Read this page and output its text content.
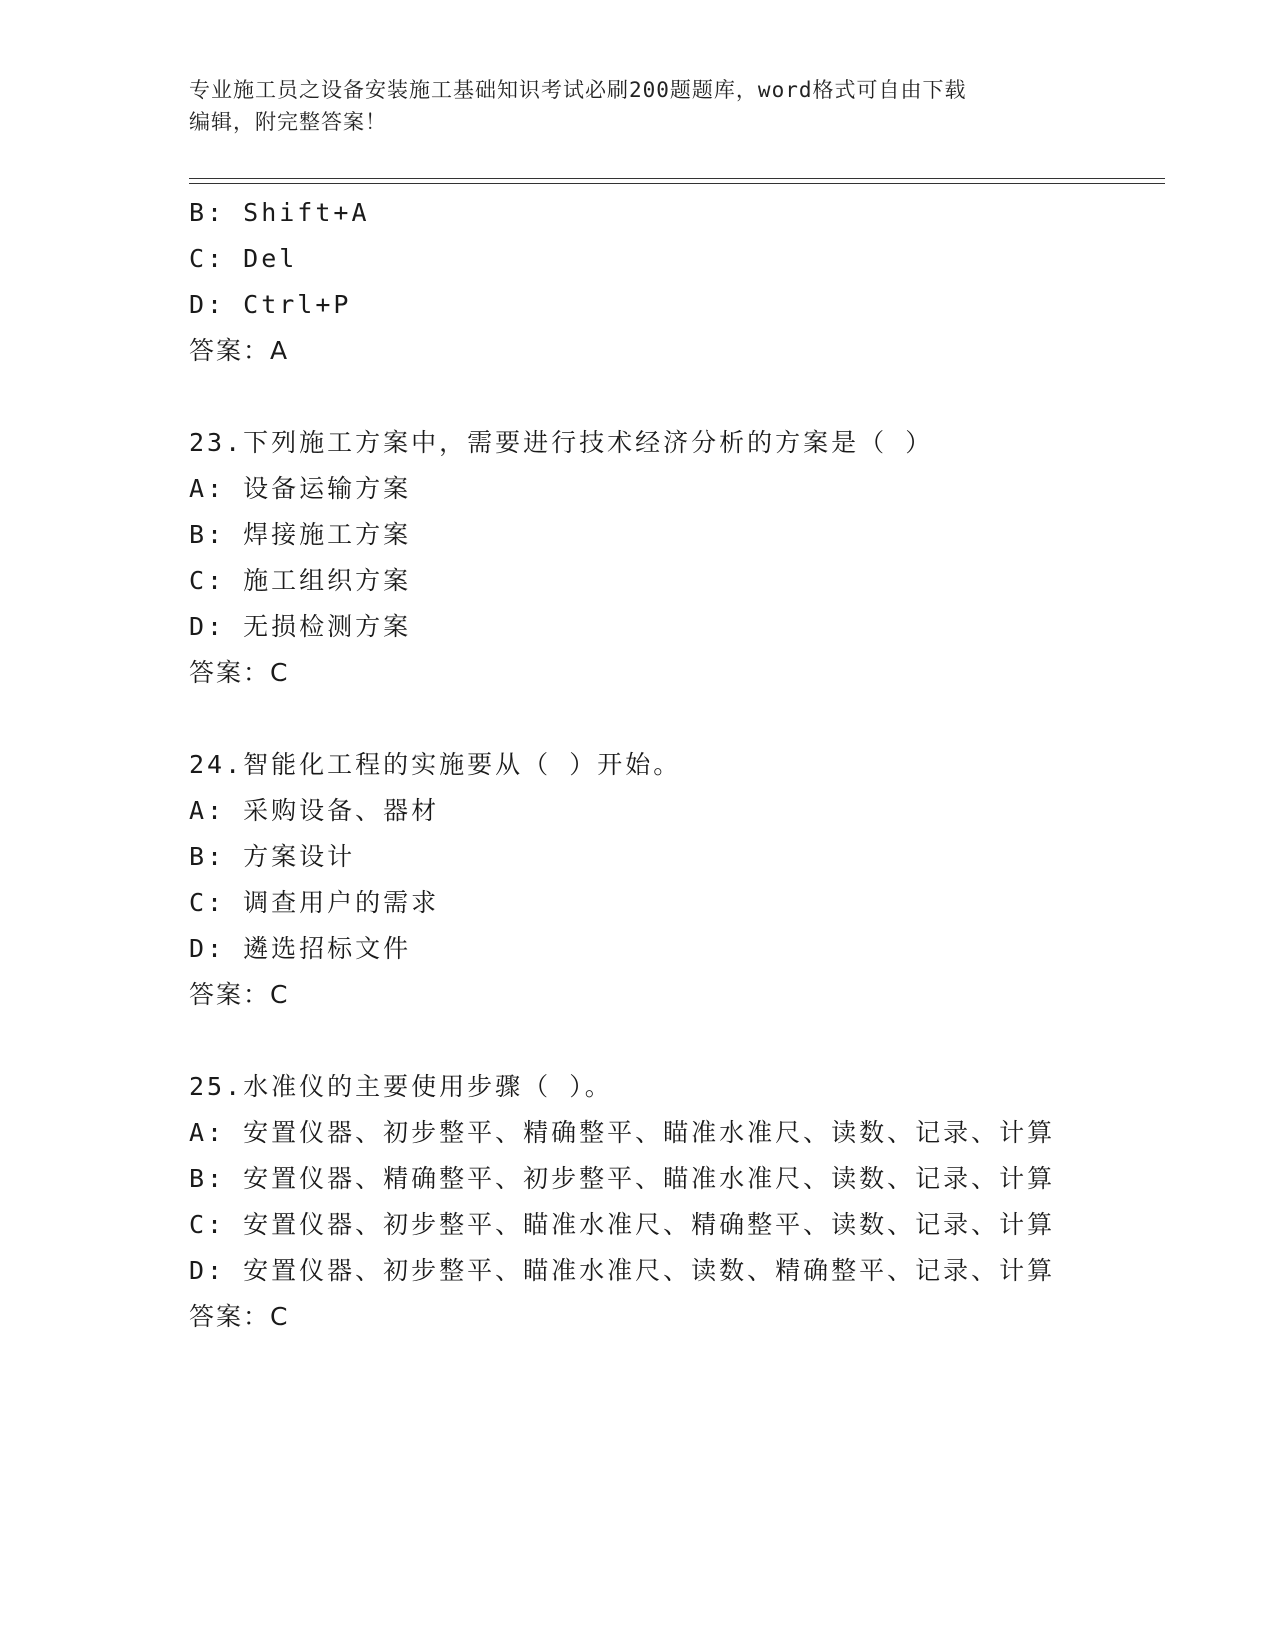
专业施工员之设备安装施工基础知识考试必刷200题题库，word格式可自由下载
编辑，附完整答案！
B: Shift+A
C: Del
D: Ctrl+P
答案：A
23.下列施工方案中，需要进行技术经济分析的方案是（ ）
A: 设备运输方案
B: 焊接施工方案
C: 施工组织方案
D: 无损检测方案
答案：C
24.智能化工程的实施要从（ ）开始。
A: 采购设备、器材
B: 方案设计
C: 调查用户的需求
D: 遴选招标文件
答案：C
25.水准仪的主要使用步骤（ ）。
A: 安置仪器、初步整平、精确整平、瞄准水准尺、读数、记录、计算
B: 安置仪器、精确整平、初步整平、瞄准水准尺、读数、记录、计算
C: 安置仪器、初步整平、瞄准水准尺、精确整平、读数、记录、计算
D: 安置仪器、初步整平、瞄准水准尺、读数、精确整平、记录、计算
答案：C
